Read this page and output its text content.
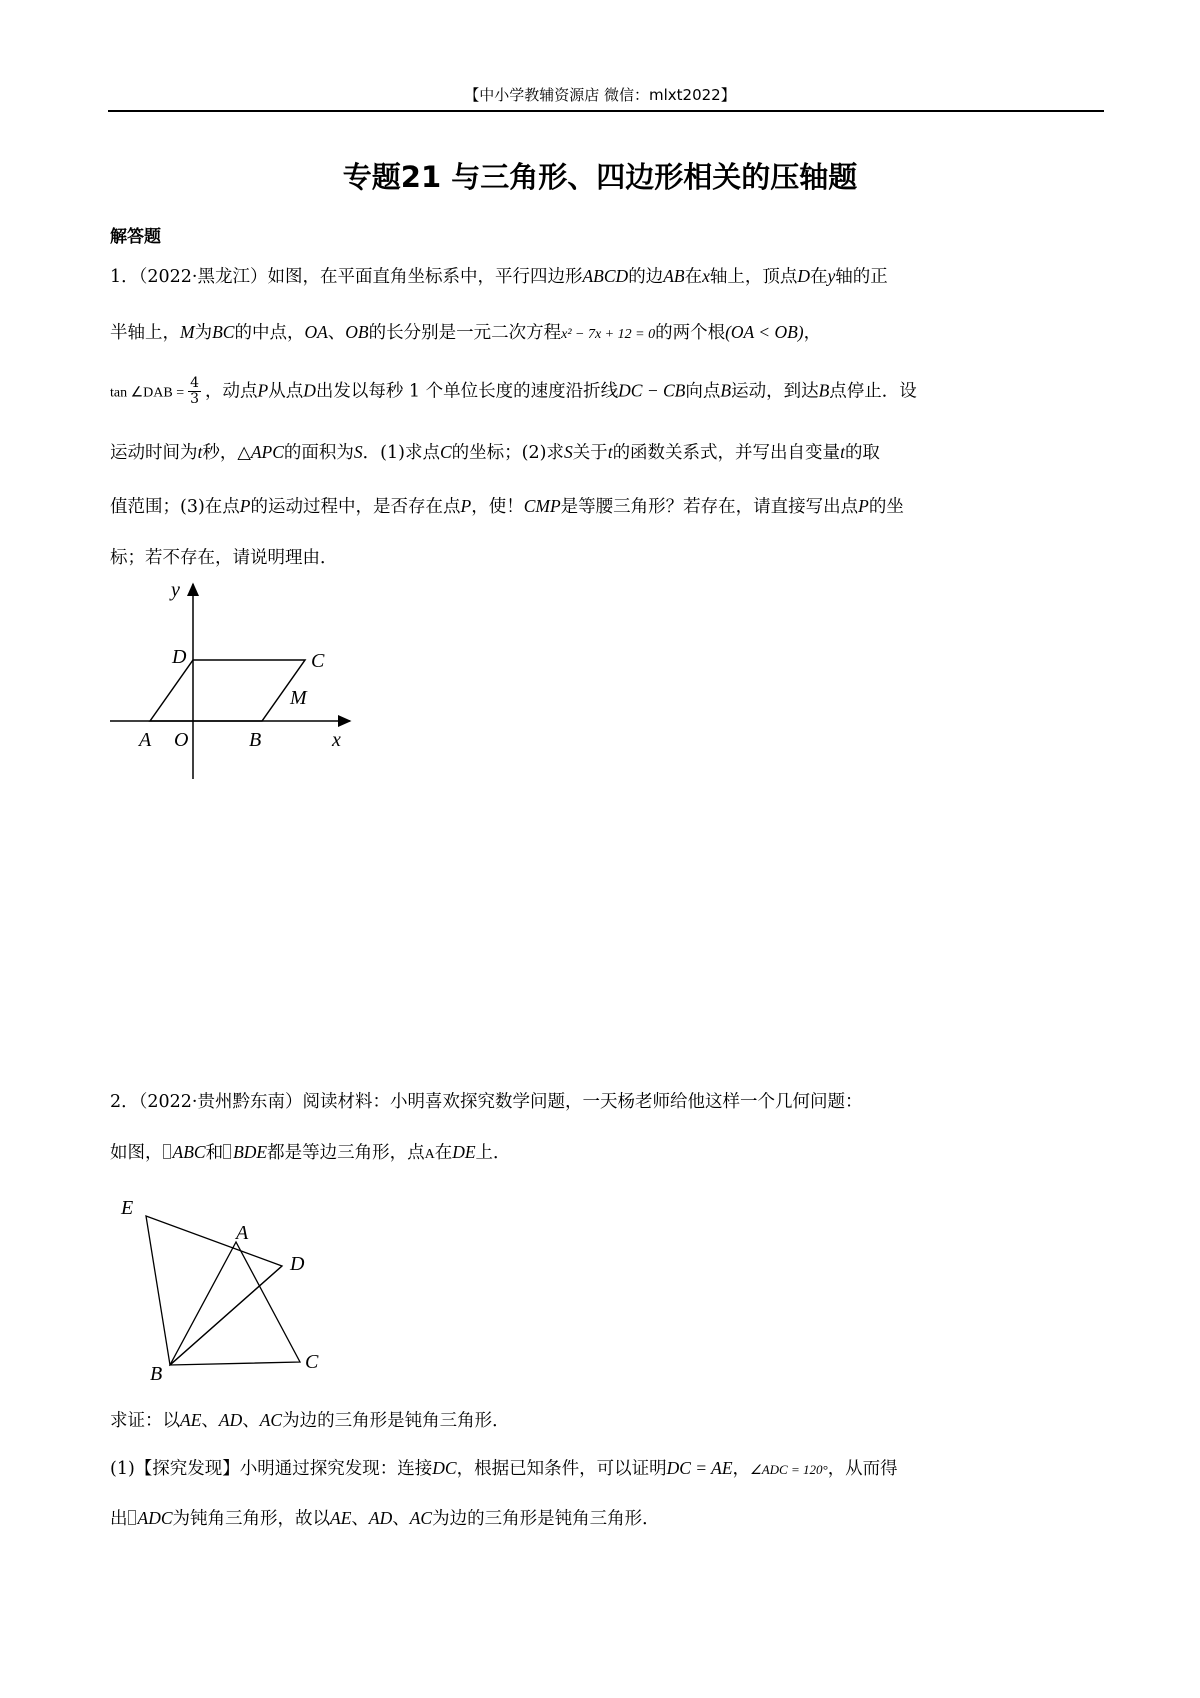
【中小学教辅资源店 微信：mlxt2022】
专题21 与三角形、四边形相关的压轴题
解答题
1．（2022·黑龙江）如图，在平面直角坐标系中，平行四边形ABCD的边AB在x轴上，顶点D在y轴的正
半轴上，M为BC的中点，OA、OB的长分别是一元二次方程x² − 7x + 12 = 0的两个根(OA < OB)，
tan ∠DAB = $\frac{4}{3}$ ，动点P从点D出发以每秒 1 个单位长度的速度沿折线DC − CB向点B运动，到达B点停止．设
运动时间为t秒，△APC的面积为S．(1)求点C的坐标；(2)求S关于t的函数关系式，并写出自变量t的取
值范围；(3)在点P的运动过程中，是否存在点P，使！CMP是等腰三角形？若存在，请直接写出点P的坐
标；若不存在，请说明理由．
y
D	C
M
A O	B	x
2．（2022·贵州黔东南）阅读材料：小明喜欢探究数学问题，一天杨老师给他这样一个几何问题：
如图， ABC和 BDE都是等边三角形，点A在DE上．
E
A
D
B
C
求证：以AE、AD、AC为边的三角形是钝角三角形．
(1)【探究发现】小明通过探究发现：连接DC，根据已知条件，可以证明DC = AE，∠ADC = 120°，从而得
出 ADC为钝角三角形，故以AE、AD、AC为边的三角形是钝角三角形．
